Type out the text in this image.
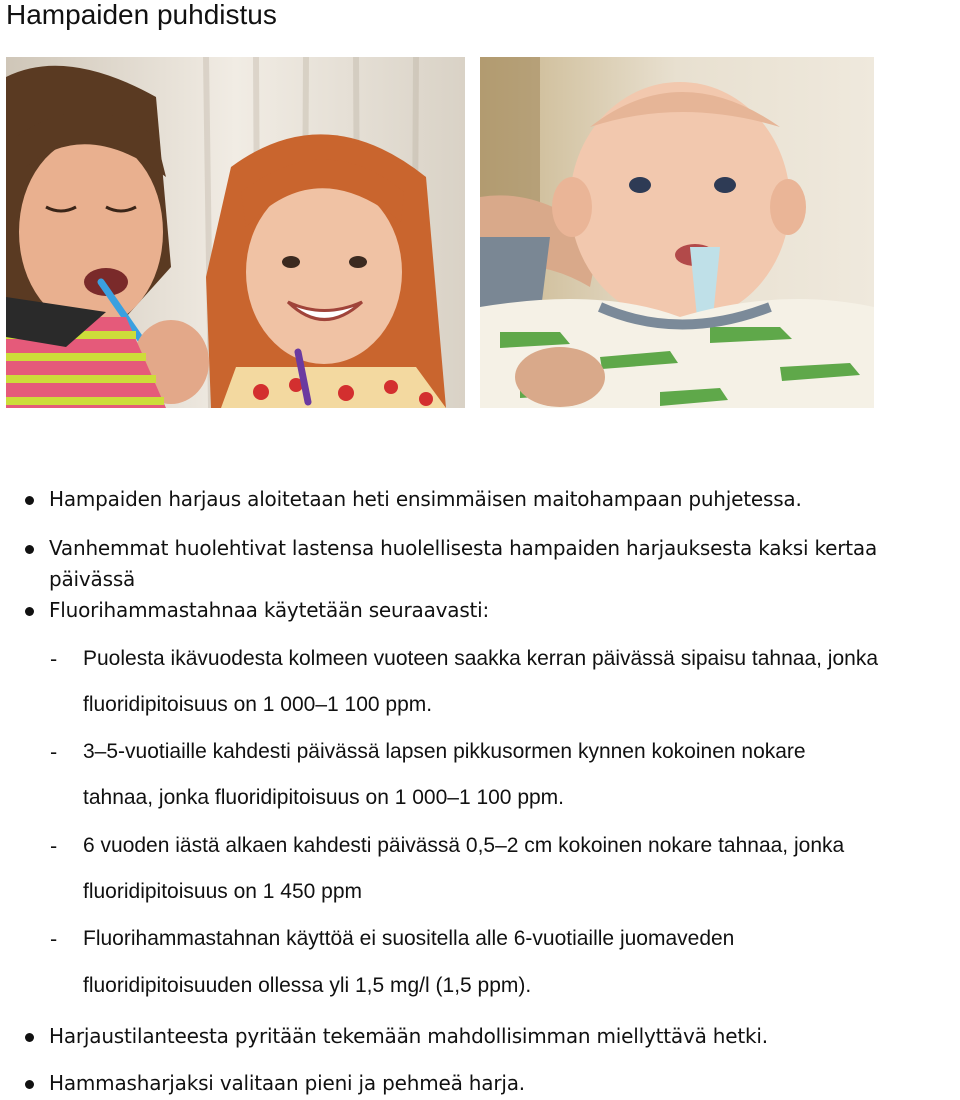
Hampaiden puhdistus
Hampaiden harjaus aloitetaan heti ensimmäisen maitohampaan puhjetessa.
Vanhemmat huolehtivat lastensa huolellisesta hampaiden harjauksesta kaksi kertaa
päivässä
Fluorihammastahnaa käytetään seuraavasti:
- Puolesta ikävuodesta kolmeen vuoteen saakka kerran päivässä sipaisu tahnaa, jonka
fluoridipitoisuus on 1 000–1 100 ppm.
- 3–5-vuotiaille kahdesti päivässä lapsen pikkusormen kynnen kokoinen nokare
tahnaa, jonka fluoridipitoisuus on 1 000–1 100 ppm.
- 6 vuoden iästä alkaen kahdesti päivässä 0,5–2 cm kokoinen nokare tahnaa, jonka
fluoridipitoisuus on 1 450 ppm
- Fluorihammastahnan käyttöä ei suositella alle 6-vuotiaille juomaveden
fluoridipitoisuuden ollessa yli 1,5 mg/l (1,5 ppm).
Harjaustilanteesta pyritään tekemään mahdollisimman miellyttävä hetki.
Hammasharjaksi valitaan pieni ja pehmeä harja.
